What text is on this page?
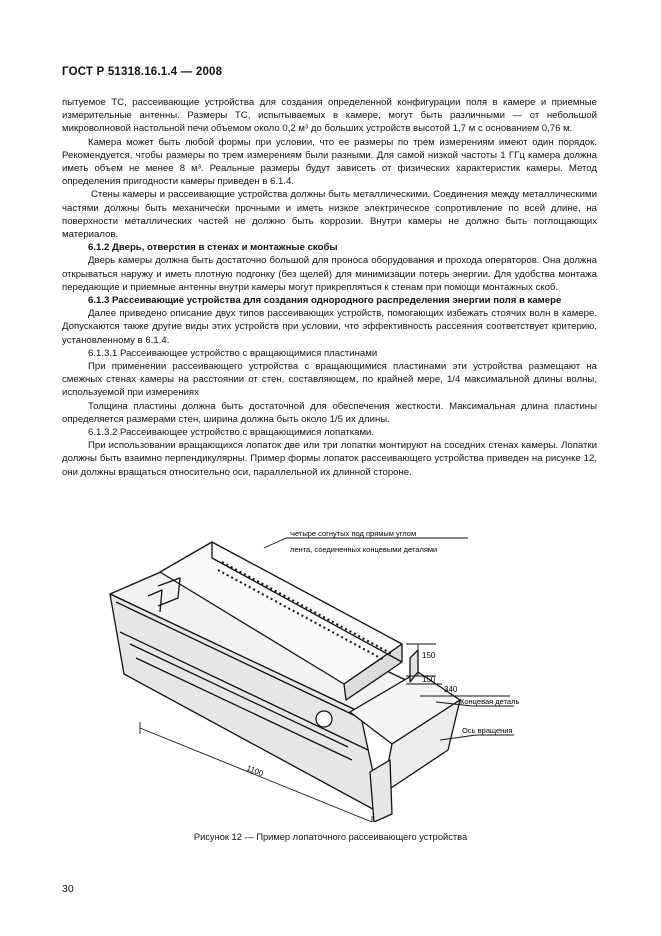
ГОСТ Р 51318.16.1.4 — 2008

пытуемое ТС, рассеивающие устройства для создания определенной конфигурации поля в камере и приемные измерительные антенны. Размеры ТС, испытываемых в камере, могут быть различными — от небольшой микроволновой настольной печи объемом около 0,2 м³ до больших устройств высотой 1,7 м с основанием 0,76 м.

Камера может быть любой формы при условии, что ее размеры по трем измерениям имеют один порядок. Рекомендуется, чтобы размеры по трем измерениям были разными. Для самой низкой частоты 1 ГГц камера должна иметь объем не менее 8 м³. Реальные размеры будут зависеть от физических характеристик камеры. Метод определения пригодности камеры приведен в 6.1.4.

Стены камеры и рассеивающие устройства должны быть металлическими. Соединения между металлическими частями должны быть механически прочными и иметь низкое электрическое сопротивление по всей длине, на поверхности металлических частей не должно быть коррозии. Внутри камеры не должно быть поглощающих материалов.

6.1.2 Дверь, отверстия в стенах и монтажные скобы

Дверь камеры должна быть достаточно большой для проноса оборудования и прохода операторов. Она должна открываться наружу и иметь плотную подгонку (без щелей) для минимизации потерь энергии. Для удобства монтажа передающие и приемные антенны внутри камеры могут прикрепляться к стенам при помощи монтажных скоб.

6.1.3 Рассеивающие устройства для создания однородного распределения энергии поля в камере

Далее приведено описание двух типов рассеивающих устройств, помогающих избежать стоячих волн в камере. Допускаются также другие виды этих устройств при условии, что эффективность рассеяния соответствует критерию, установленному в 6.1.4.

6.1.3.1 Рассеивающее устройство с вращающимися пластинами

При применении рассеивающего устройства с вращающимися пластинами эти устройства размещают на смежных стенах камеры на расстоянии от стен, составляющем, по крайней мере, 1/4 максимальной длины волны, используемой при измерениях

Толщина пластины должна быть достаточной для обеспечения жесткости. Максимальная длина пластины определяется размерами стен, ширина должна быть около 1/5 их длины.

6.1.3.2 Рассеивающее устройство с вращающимися лопатками.

При использовании вращающихся лопаток две или три лопатки монтируют на соседних стенах камеры. Лопатки должны быть взаимно перпендикулярны. Пример формы лопаток рассеивающего устройства приведен на рисунке 12, они должны вращаться относительно оси, параллельной их длинной стороне.

Четыре согнутых под прямым углом
лента, соединенных концевыми деталями
150
150
340
Концевая деталь
Ось вращения
1100
Рисунок 12 — Пример лопаточного рассеивающего устройства
30
